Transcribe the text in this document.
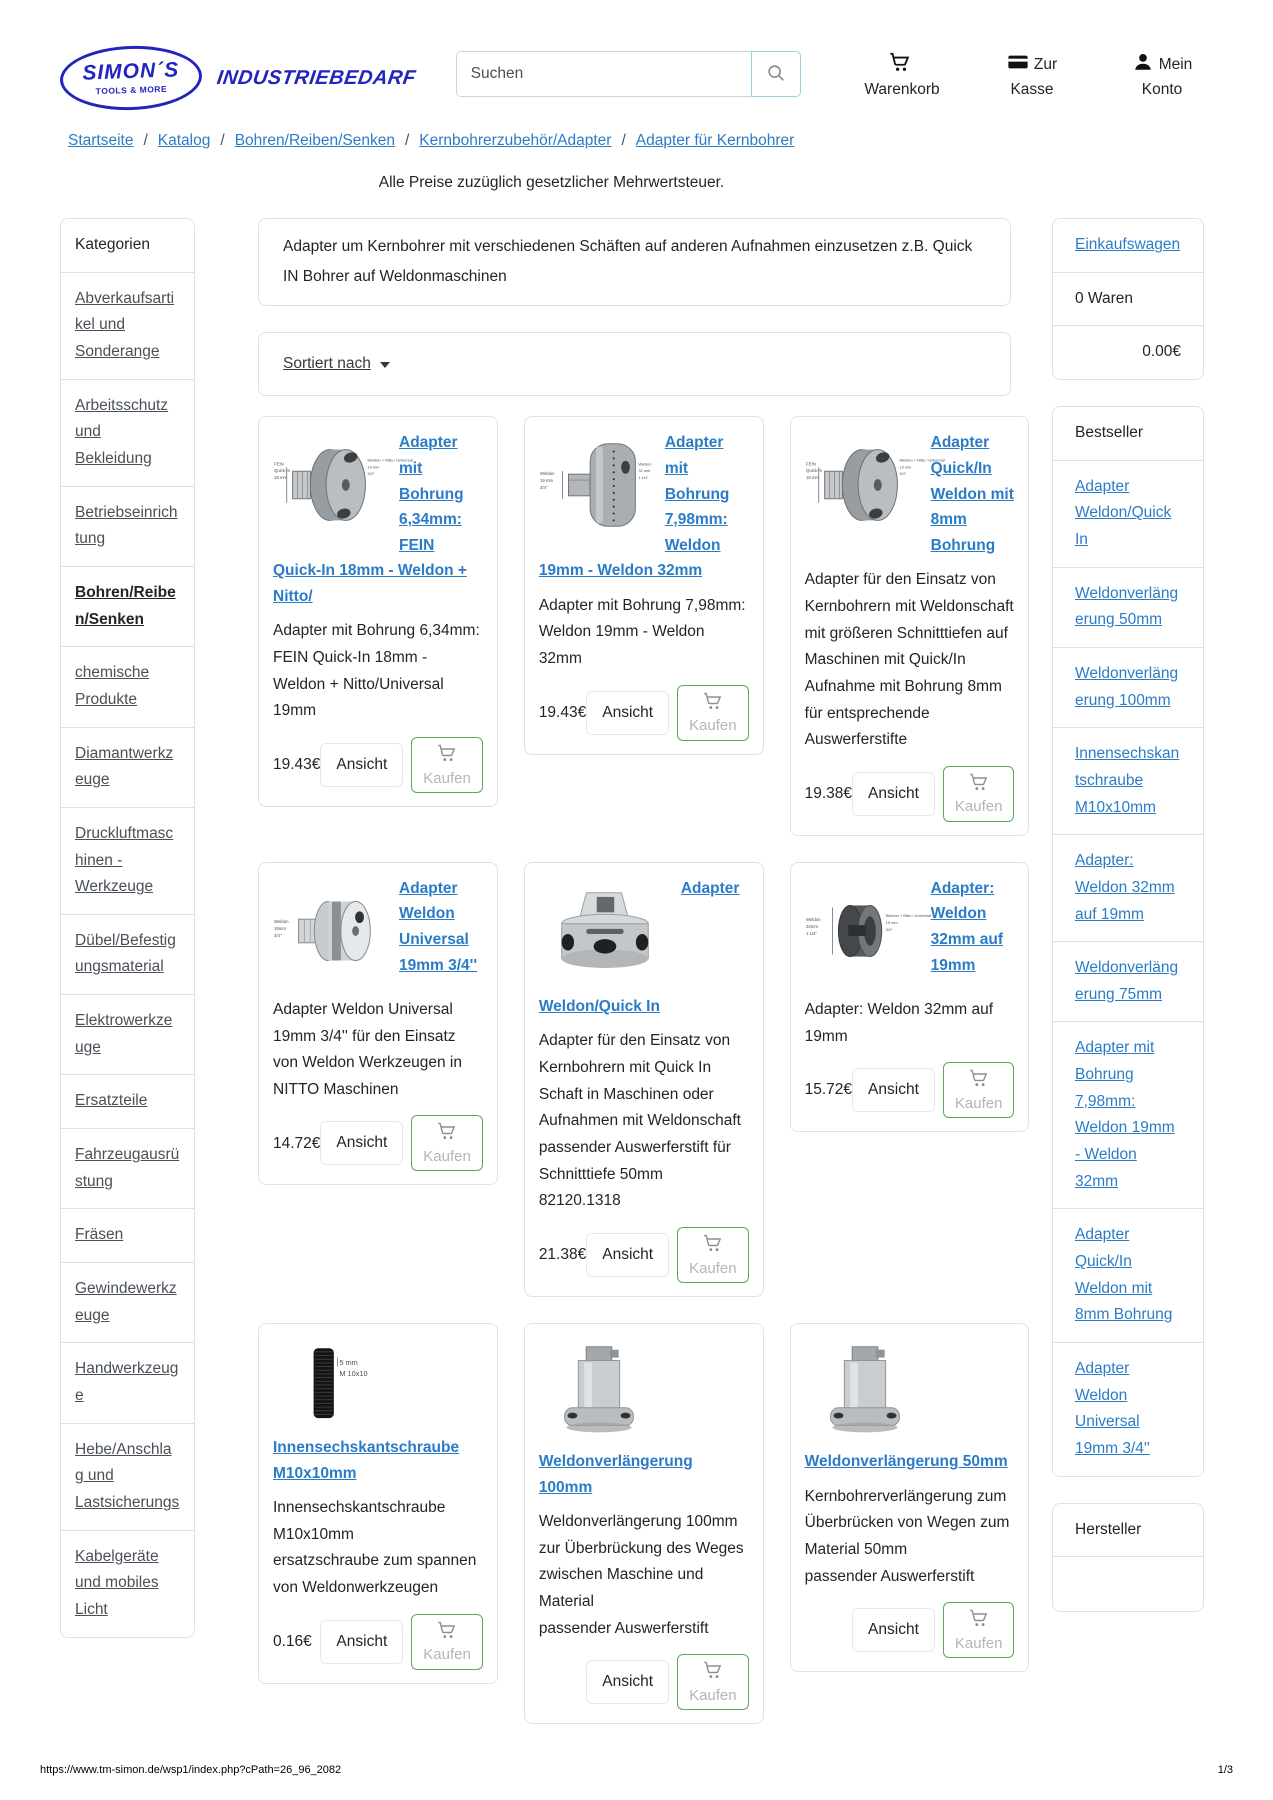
SIMON´S
TOOLS & MORE
INDUSTRIEBEDARF
Suchen
Warenkorb
Zur Kasse
Mein Konto
Startseite / Katalog / Bohren/Reiben/Senken / Kernbohrerzubehör/Adapter / Adapter für Kernbohrer
Alle Preise zuzüglich gesetzlicher Mehrwertsteuer.
Kategorien
Abverkaufsartikel und Sonderange
Arbeitsschutz und Bekleidung
Betriebseinrichtung
Bohren/Reiben/Senken
chemische Produkte
Diamantwerkzeuge
Druckluftmaschinen - Werkzeuge
Dübel/Befestigungsmaterial
Elektrowerkzeuge
Ersatzteile
Fahrzeugausrüstung
Fräsen
Gewindewerkzeuge
Handwerkzeuge
Hebe/Anschlag und Lastsicherungs
Kabelgeräte und mobiles Licht
Adapter um Kernbohrer mit verschiedenen Schäften auf anderen Aufnahmen einzusetzen z.B. Quick IN Bohrer auf Weldonmaschinen
Sortiert nach
FEIN
Quick-In
18 mm
Weldon + Nitto / Universal
19 mm
3/4"
Adapter mit Bohrung 6,34mm: FEIN Quick-In 18mm - Weldon + Nitto/
Adapter mit Bohrung 6,34mm: FEIN Quick-In 18mm - Weldon + Nitto/Universal 19mm
19.43€	Ansicht
Kaufen
Weldon
19 mm
3/4"
Weldon
32 mm
1 1/4"
Adapter mit Bohrung 7,98mm: Weldon 19mm - Weldon 32mm
Adapter mit Bohrung 7,98mm: Weldon 19mm - Weldon 32mm
19.43€	Ansicht
Kaufen
FEIN
Quick-In
18 mm
Weldon + Nitto / Universal
19 mm
3/4"
Adapter Quick/In Weldon mit 8mm Bohrung
Adapter für den Einsatz von Kernbohrern mit Weldonschaft mit größeren Schnitttiefen auf Maschinen mit Quick/In Aufnahme mit Bohrung 8mm für entsprechende Auswerferstifte
19.38€	Ansicht
Kaufen
Weldon
19mm
3/4''
Adapter Weldon Universal 19mm 3/4''
Adapter Weldon Universal 19mm 3/4'' für den Einsatz von Weldon Werkzeugen in NITTO Maschinen
14.72€	Ansicht
Kaufen
Adapter Weldon/Quick In
Adapter für den Einsatz von Kernbohrern mit Quick In Schaft in Maschinen oder Aufnahmen mit Weldonschaft
passender Auswerferstift für Schnitttiefe 50mm
82120.1318
21.38€	Ansicht
Kaufen
Weldon
32mm
1 1/4"
Weldon + Nitto / Universal
19 mm
3/4"
Adapter: Weldon 32mm auf 19mm
Adapter: Weldon 32mm auf 19mm
15.72€	Ansicht
Kaufen
5 mm
M 10x10
Innensechskantschraube M10x10mm
Innensechskantschraube M10x10mm
ersatzschraube zum spannen von Weldonwerkzeugen
0.16€	Ansicht
Kaufen
Weldonverlängerung 100mm
Weldonverlängerung 100mm zur Überbrückung des Weges zwischen Maschine und Material
passender Auswerferstift
Ansicht
Kaufen
Weldonverlängerung 50mm
Kernbohrerverlängerung zum Überbrücken von Wegen zum Material 50mm
passender Auswerferstift
Ansicht
Kaufen
Einkaufswagen
0 Waren
0.00€
Bestseller
Adapter Weldon/Quick In
Weldonverlängerung 50mm
Weldonverlängerung 100mm
Innensechskantschraube M10x10mm
Adapter: Weldon 32mm auf 19mm
Weldonverlängerung 75mm
Adapter mit Bohrung 7,98mm: Weldon 19mm - Weldon 32mm
Adapter Quick/In Weldon mit 8mm Bohrung
Adapter Weldon Universal 19mm 3/4''
Hersteller
https://www.tm-simon.de/wsp1/index.php?cPath=26_96_2082	1/3
